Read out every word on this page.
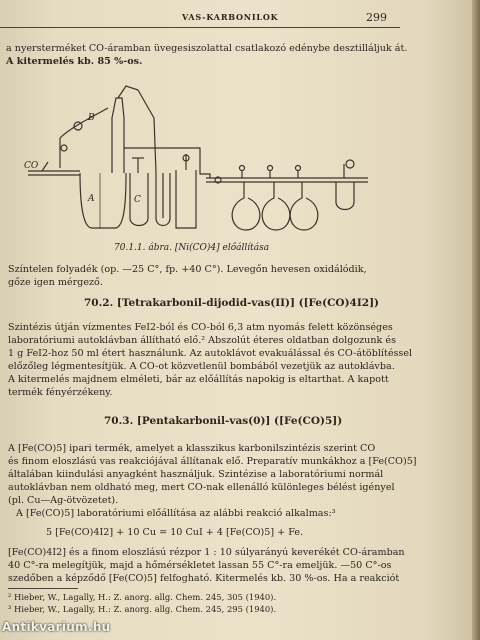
VAS-KARBONILOK	299
a nyersterméket CO-áramban üvegesiszolattal csatlakozó edénybe desztilláljuk át.
A kitermelés kb. 85 %-os.
CO
A
B
C
70.1.1. ábra. [Ni(CO)4] előállítása
Színtelen folyadék (op. —25 C°, fp. +40 C°). Levegőn hevesen oxidálódik,
gőze igen mérgező.
70.2. [Tetrakarbonil-dijodid-vas(II)] ([Fe(CO)4I2])
Szintézis útján vízmentes FeI2-ból és CO-ból 6,3 atm nyomás felett közönséges
laboratóriumi autoklávban állítható elő.² Abszolút éteres oldatban dolgozunk és
1 g FeI2-hoz 50 ml étert használunk. Az autoklávot evakuálással és CO-átöblítéssel
előzőleg légmentesítjük. A CO-ot közvetlenül bombából vezetjük az autoklávba.
A kitermelés majdnem elméleti, bár az előállítás napokig is eltarthat. A kapott
termék fényérzékeny.
70.3. [Pentakarbonil-vas(0)] ([Fe(CO)5])
A [Fe(CO)5] ipari termék, amelyet a klasszikus karbonilszintézis szerint CO
és finom eloszlású vas reakciójával állítanak elő. Preparatív munkákhoz a [Fe(CO)5]
általában kiindulási anyagként használjuk. Szintézise a laboratóriumi normál
autoklávban nem oldható meg, mert CO-nak ellenálló különleges bélést igényel
(pl. Cu—Ag-ötvözetet).
A [Fe(CO)5] laboratóriumi előállítása az alábbi reakció alkalmas:³
5 [Fe(CO)4I2] + 10 Cu = 10 CuI + 4 [Fe(CO)5] + Fe.
[Fe(CO)4I2] és a finom eloszlású rézpor 1 : 10 súlyarányú keverékét CO-áramban
40 C°-ra melegítjük, majd a hőmérsékletet lassan 55 C°-ra emeljük. —50 C°-os
szedőben a képződő [Fe(CO)5] felfogható. Kitermelés kb. 30 %-os. Ha a reakciót
² Hieber, W., Lagally, H.: Z. anorg. allg. Chem. 245, 305 (1940).
³ Hieber, W., Lagally, H.: Z. anorg. allg. Chem. 245, 295 (1940).
Antikvarium.hu
